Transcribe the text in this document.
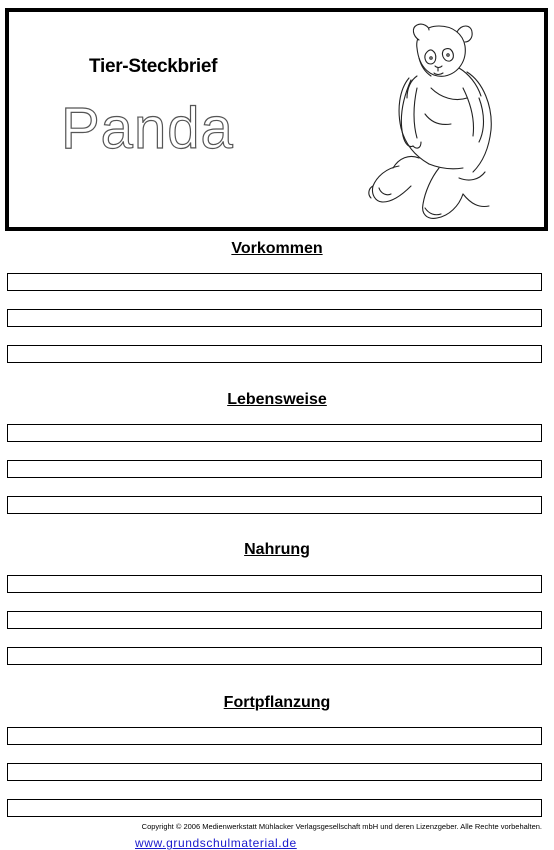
Tier-Steckbrief
Panda
Vorkommen
Lebensweise
Nahrung
Fortpflanzung
Copyright © 2006 Medienwerkstatt Mühlacker Verlagsgesellschaft mbH und deren Lizenzgeber. Alle Rechte vorbehalten.
www.grundschulmaterial.de
